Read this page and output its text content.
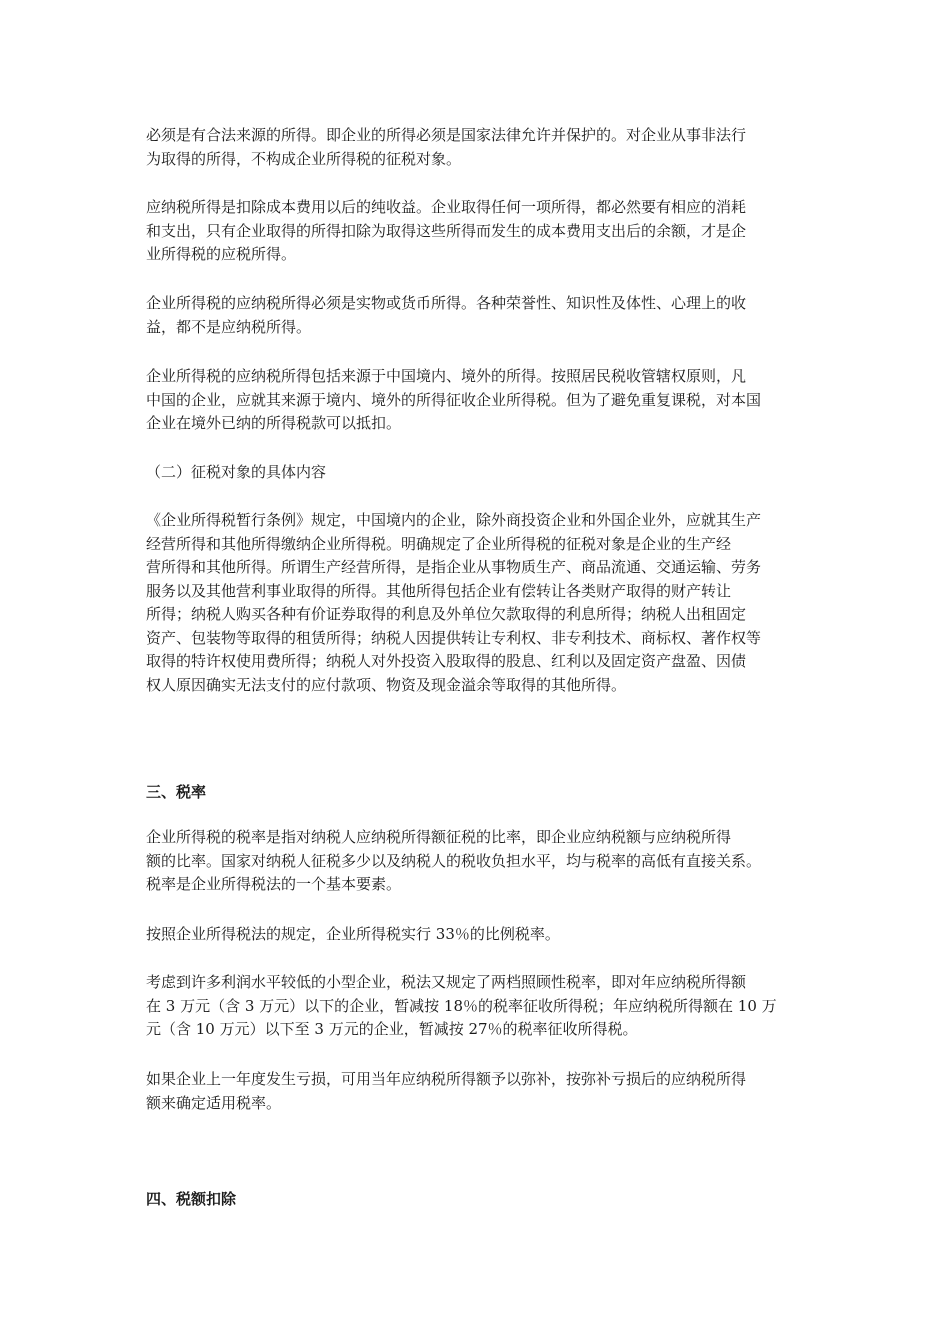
必须是有合法来源的所得。即企业的所得必须是国家法律允许并保护的。对企业从事非法行
为取得的所得，不构成企业所得税的征税对象。

应纳税所得是扣除成本费用以后的纯收益。企业取得任何一项所得，都必然要有相应的消耗
和支出，只有企业取得的所得扣除为取得这些所得而发生的成本费用支出后的余额，才是企
业所得税的应税所得。

企业所得税的应纳税所得必须是实物或货币所得。各种荣誉性、知识性及体性、心理上的收
益，都不是应纳税所得。

企业所得税的应纳税所得包括来源于中国境内、境外的所得。按照居民税收管辖权原则，凡
中国的企业，应就其来源于境内、境外的所得征收企业所得税。但为了避免重复课税，对本国
企业在境外已纳的所得税款可以抵扣。

（二）征税对象的具体内容

《企业所得税暂行条例》规定，中国境内的企业，除外商投资企业和外国企业外，应就其生产
经营所得和其他所得缴纳企业所得税。明确规定了企业所得税的征税对象是企业的生产经
营所得和其他所得。所谓生产经营所得，是指企业从事物质生产、商品流通、交通运输、劳务
服务以及其他营利事业取得的所得。其他所得包括企业有偿转让各类财产取得的财产转让
所得；纳税人购买各种有价证券取得的利息及外单位欠款取得的利息所得；纳税人出租固定
资产、包装物等取得的租赁所得；纳税人因提供转让专利权、非专利技术、商标权、著作权等
取得的特许权使用费所得；纳税人对外投资入股取得的股息、红利以及固定资产盘盈、因债
权人原因确实无法支付的应付款项、物资及现金溢余等取得的其他所得。

三、税率

企业所得税的税率是指对纳税人应纳税所得额征税的比率，即企业应纳税额与应纳税所得
额的比率。国家对纳税人征税多少以及纳税人的税收负担水平，均与税率的高低有直接关系。
税率是企业所得税法的一个基本要素。

按照企业所得税法的规定，企业所得税实行 33％的比例税率。

考虑到许多利润水平较低的小型企业，税法又规定了两档照顾性税率，即对年应纳税所得额
在 3 万元（含 3 万元）以下的企业，暂减按 18％的税率征收所得税；年应纳税所得额在 10 万
元（含 10 万元）以下至 3 万元的企业，暂减按 27％的税率征收所得税。

如果企业上一年度发生亏损，可用当年应纳税所得额予以弥补，按弥补亏损后的应纳税所得
额来确定适用税率。

四、税额扣除
